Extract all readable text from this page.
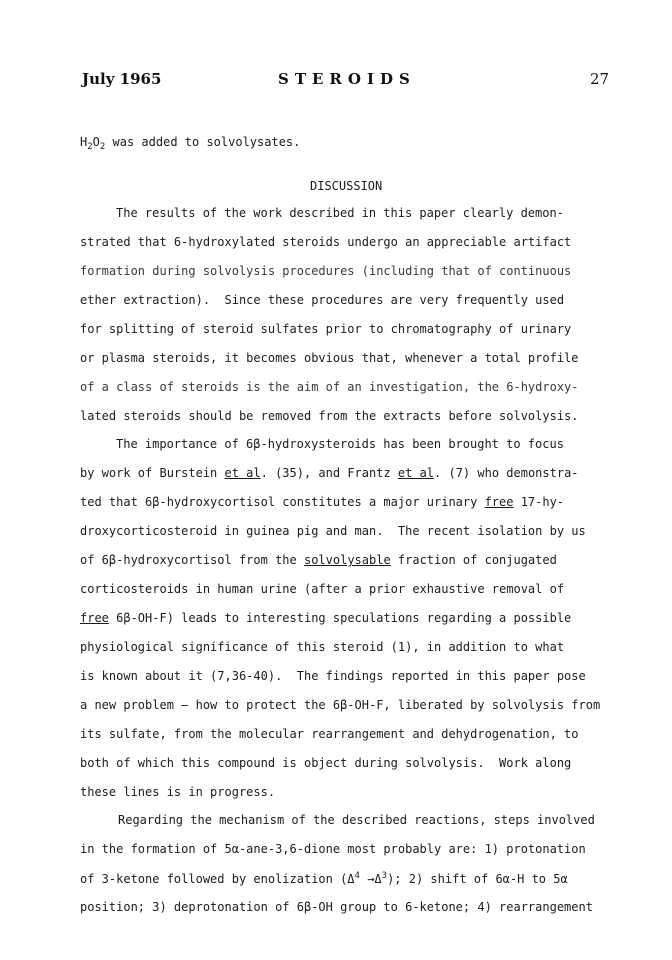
July 1965	STEROIDS	27
$H_2O_2$ was added to solvolysates.
DISCUSSION
The results of the work described in this paper clearly demon-
strated that 6-hydroxylated steroids undergo an appreciable artifact
formation during solvolysis procedures (including that of continuous
ether extraction).  Since these procedures are very frequently used
for splitting of steroid sulfates prior to chromatography of urinary
or plasma steroids, it becomes obvious that, whenever a total profile
of a class of steroids is the aim of an investigation, the 6-hydroxy-
lated steroids should be removed from the extracts before solvolysis.
The importance of 6β-hydroxysteroids has been brought to focus
by work of Burstein et al. (35), and Frantz et al. (7) who demonstra-
ted that 6β-hydroxycortisol constitutes a major urinary free 17-hy-
droxycorticosteroid in guinea pig and man.  The recent isolation by us
of 6β-hydroxycortisol from the solvolysable fraction of conjugated
corticosteroids in human urine (after a prior exhaustive removal of
free 6β-OH-F) leads to interesting speculations regarding a possible
physiological significance of this steroid (1), in addition to what
is known about it (7,36-40).  The findings reported in this paper pose
a new problem — how to protect the 6β-OH-F, liberated by solvolysis from
its sulfate, from the molecular rearrangement and dehydrogenation, to
both of which this compound is object during solvolysis.  Work along
these lines is in progress.
Regarding the mechanism of the described reactions, steps involved
in the formation of 5α-ane-3,6-dione most probably are: 1) protonation
of 3-ketone followed by enolization $(\Delta^4 \to\Delta^3)$; 2) shift of 6α-H to 5α
position; 3) deprotonation of 6β-OH group to 6-ketone; 4) rearrangement
